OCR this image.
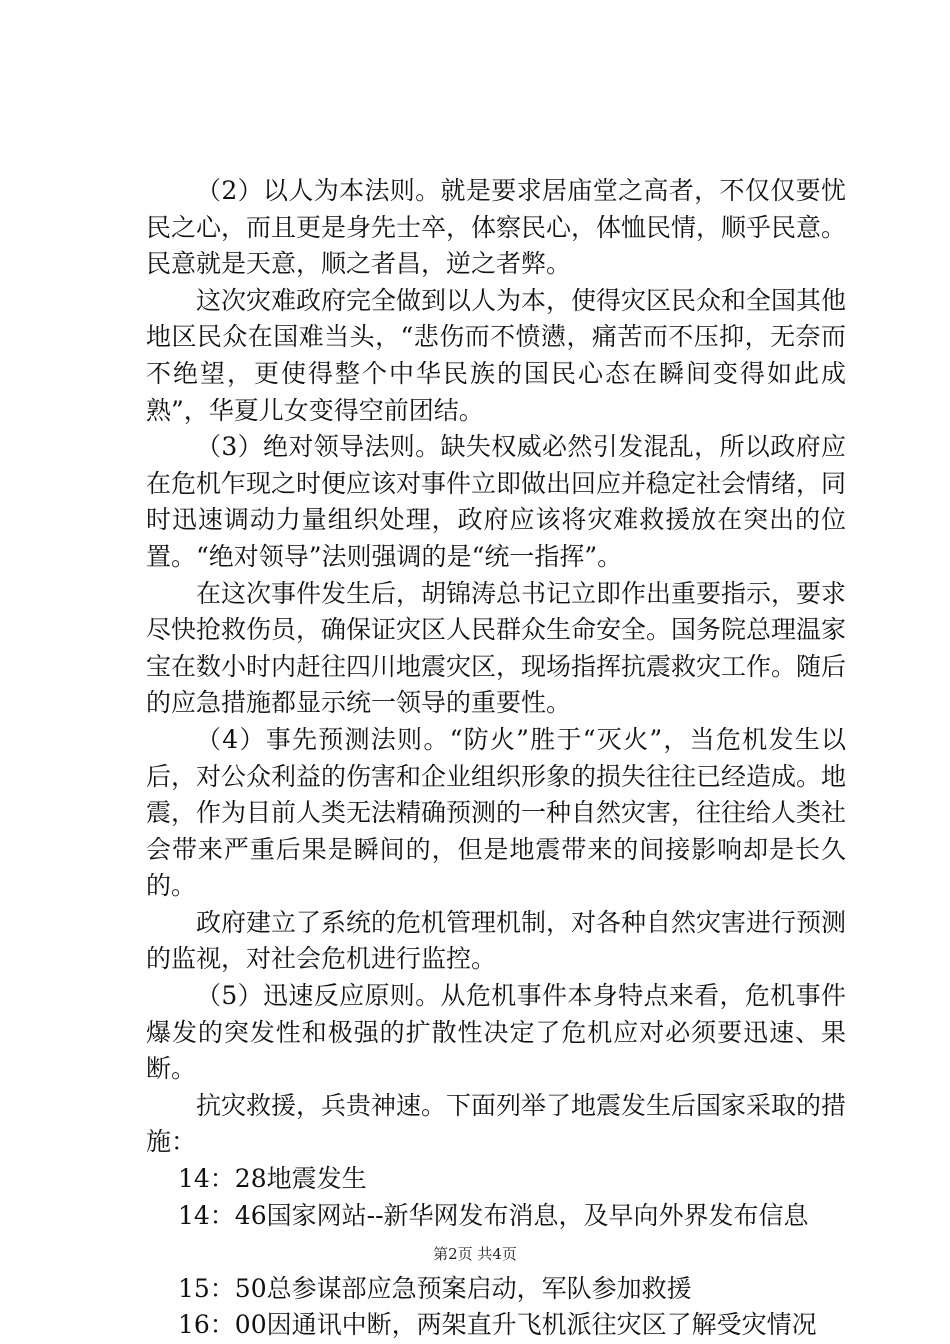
（2）以人为本法则。就是要求居庙堂之高者，不仅仅要忧民之心，而且更是身先士卒，体察民心，体恤民情，顺乎民意。民意就是天意，顺之者昌，逆之者弊。

这次灾难政府完全做到以人为本，使得灾区民众和全国其他地区民众在国难当头，“悲伤而不愤懑，痛苦而不压抑，无奈而不绝望，更使得整个中华民族的国民心态在瞬间变得如此成熟”，华夏儿女变得空前团结。

（3）绝对领导法则。缺失权威必然引发混乱，所以政府应在危机乍现之时便应该对事件立即做出回应并稳定社会情绪，同时迅速调动力量组织处理，政府应该将灾难救援放在突出的位置。“绝对领导”法则强调的是“统一指挥”。

在这次事件发生后，胡锦涛总书记立即作出重要指示，要求尽快抢救伤员，确保证灾区人民群众生命安全。国务院总理温家宝在数小时内赶往四川地震灾区，现场指挥抗震救灾工作。随后的应急措施都显示统一领导的重要性。

（4）事先预测法则。“防火”胜于“灭火”，当危机发生以后，对公众利益的伤害和企业组织形象的损失往往已经造成。地震，作为目前人类无法精确预测的一种自然灾害，往往给人类社会带来严重后果是瞬间的，但是地震带来的间接影响却是长久的。

政府建立了系统的危机管理机制，对各种自然灾害进行预测的监视，对社会危机进行监控。

（5）迅速反应原则。从危机事件本身特点来看，危机事件爆发的突发性和极强的扩散性决定了危机应对必须要迅速、果断。

抗灾救援，兵贵神速。下面列举了地震发生后国家采取的措施：

14：28地震发生
14：46国家网站--新华网发布消息，及早向外界发布信息
15：50总参谋部应急预案启动，军队参加救援
16：00因通讯中断，两架直升飞机派往灾区了解受灾情况
第2页 共4页
